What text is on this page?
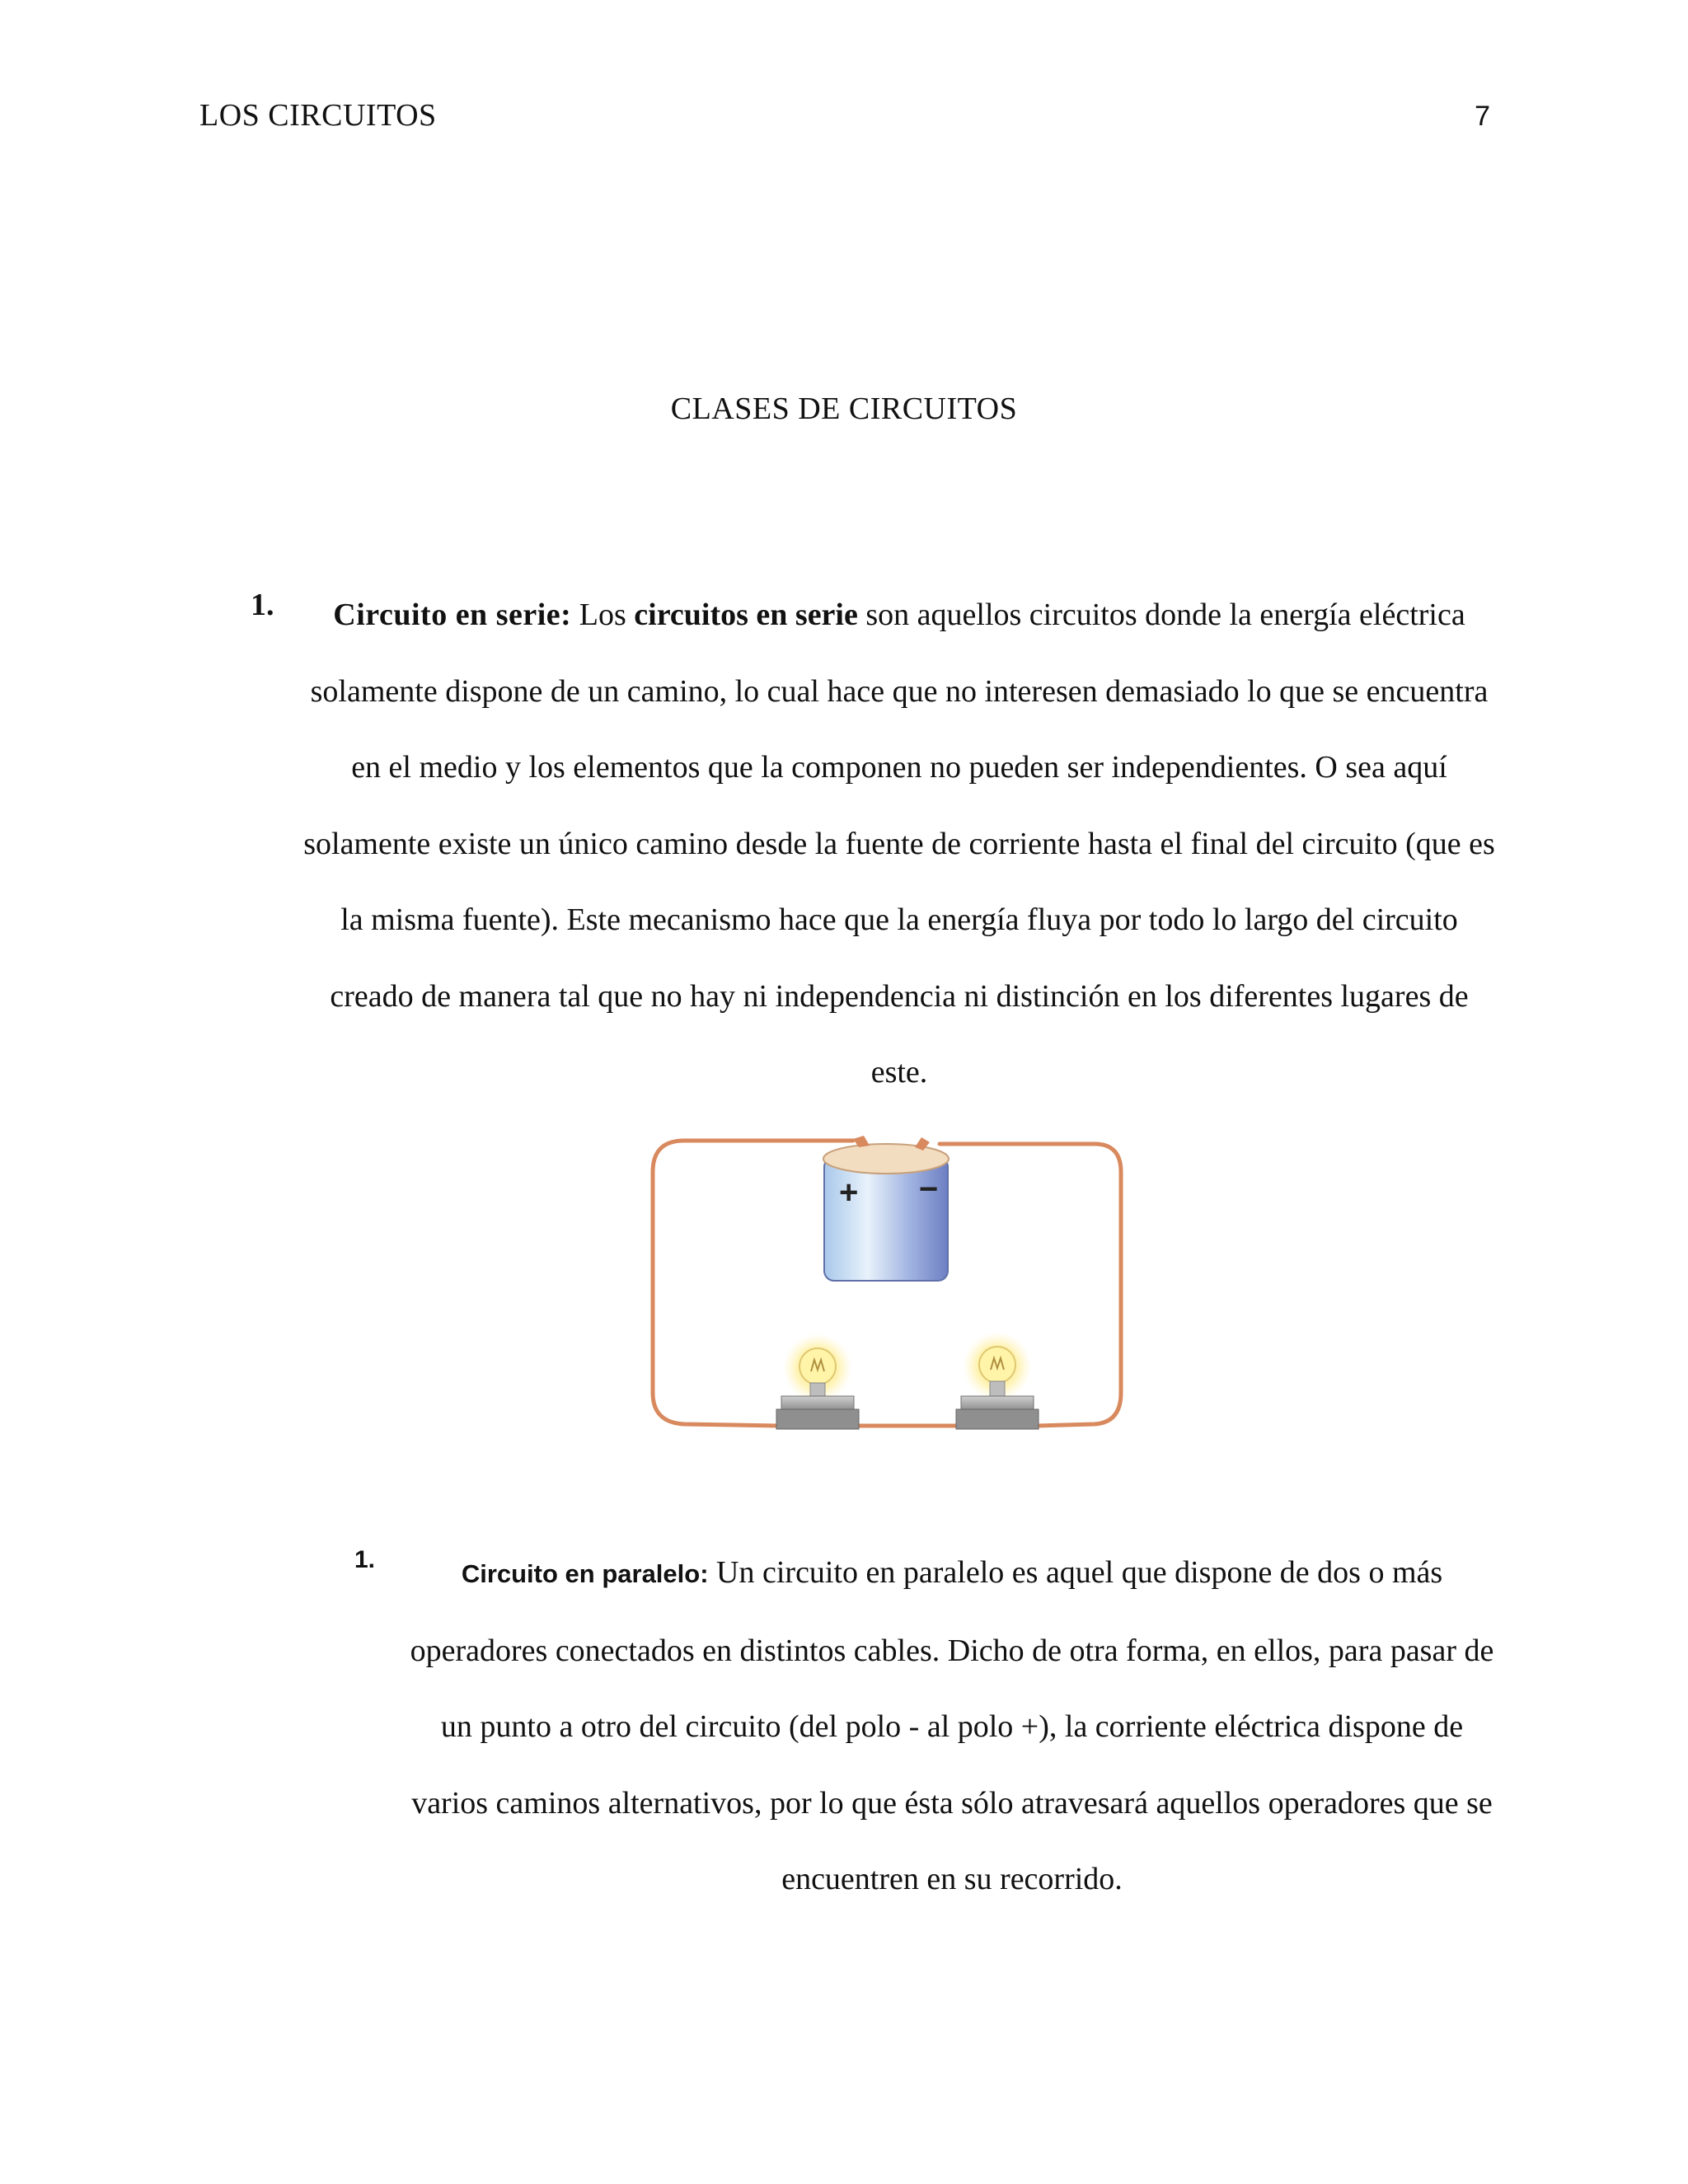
LOS CIRCUITOS	7
CLASES DE CIRCUITOS
1.	Circuito en serie: Los circuitos en serie son aquellos circuitos donde la energía eléctrica solamente dispone de un camino, lo cual hace que no interesen demasiado lo que se encuentra en el medio y los elementos que la componen no pueden ser independientes. O sea aquí solamente existe un único camino desde la fuente de corriente hasta el final del circuito (que es la misma fuente). Este mecanismo hace que la energía fluya por todo lo largo del circuito creado de manera tal que no hay ni independencia ni distinción en los diferentes lugares de este.

+ −
1.	Circuito en paralelo: Un circuito en paralelo es aquel que dispone de dos o más operadores conectados en distintos cables. Dicho de otra forma, en ellos, para pasar de un punto a otro del circuito (del polo - al polo +), la corriente eléctrica dispone de varios caminos alternativos, por lo que ésta sólo atravesará aquellos operadores que se encuentren en su recorrido.
